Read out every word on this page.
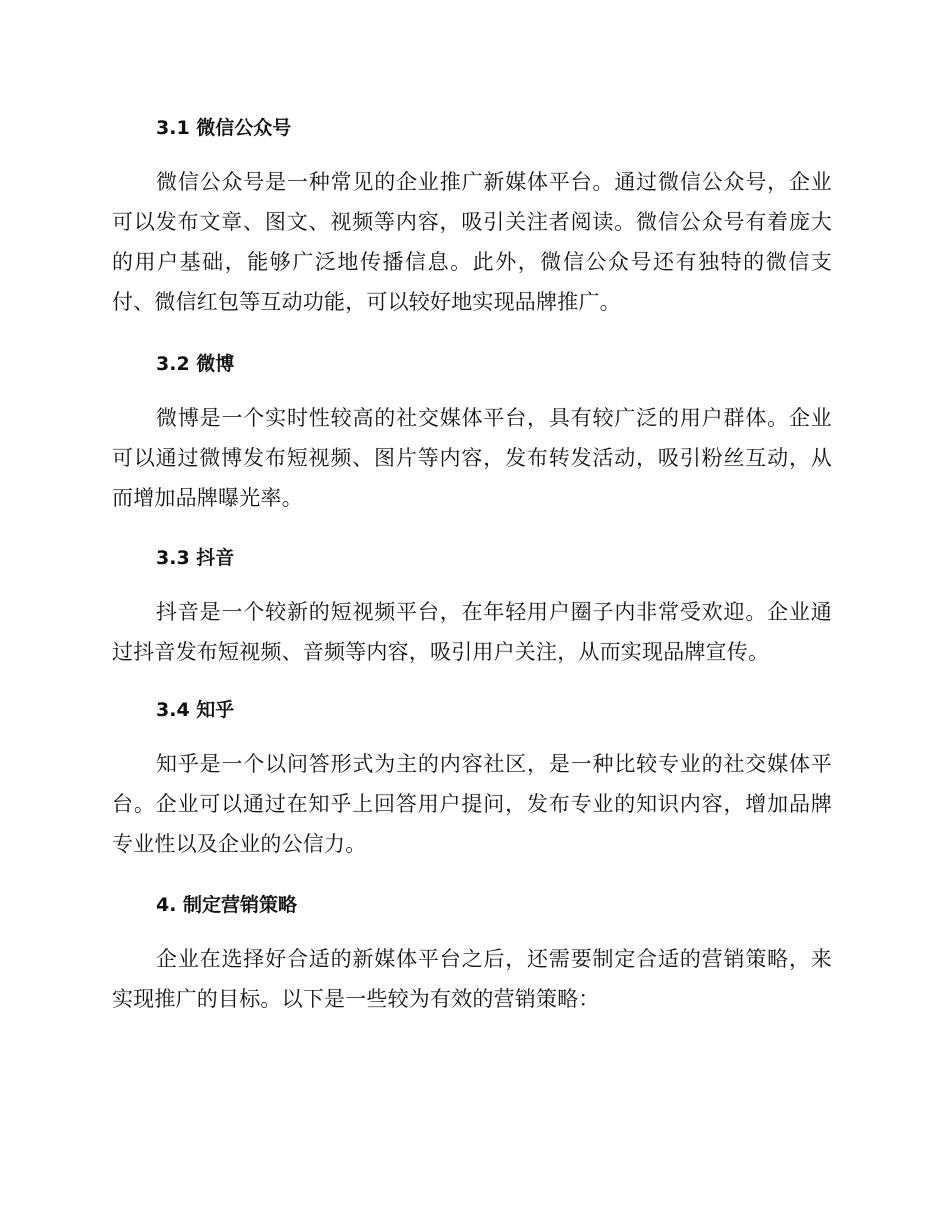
3.1 微信公众号
微信公众号是一种常见的企业推广新媒体平台。通过微信公众号，企业可以发布文章、图文、视频等内容，吸引关注者阅读。微信公众号有着庞大的用户基础，能够广泛地传播信息。此外，微信公众号还有独特的微信支付、微信红包等互动功能，可以较好地实现品牌推广。
3.2 微博
微博是一个实时性较高的社交媒体平台，具有较广泛的用户群体。企业可以通过微博发布短视频、图片等内容，发布转发活动，吸引粉丝互动，从而增加品牌曝光率。
3.3 抖音
抖音是一个较新的短视频平台，在年轻用户圈子内非常受欢迎。企业通过抖音发布短视频、音频等内容，吸引用户关注，从而实现品牌宣传。
3.4 知乎
知乎是一个以问答形式为主的内容社区，是一种比较专业的社交媒体平台。企业可以通过在知乎上回答用户提问，发布专业的知识内容，增加品牌专业性以及企业的公信力。
4. 制定营销策略
企业在选择好合适的新媒体平台之后，还需要制定合适的营销策略，来实现推广的目标。以下是一些较为有效的营销策略：
